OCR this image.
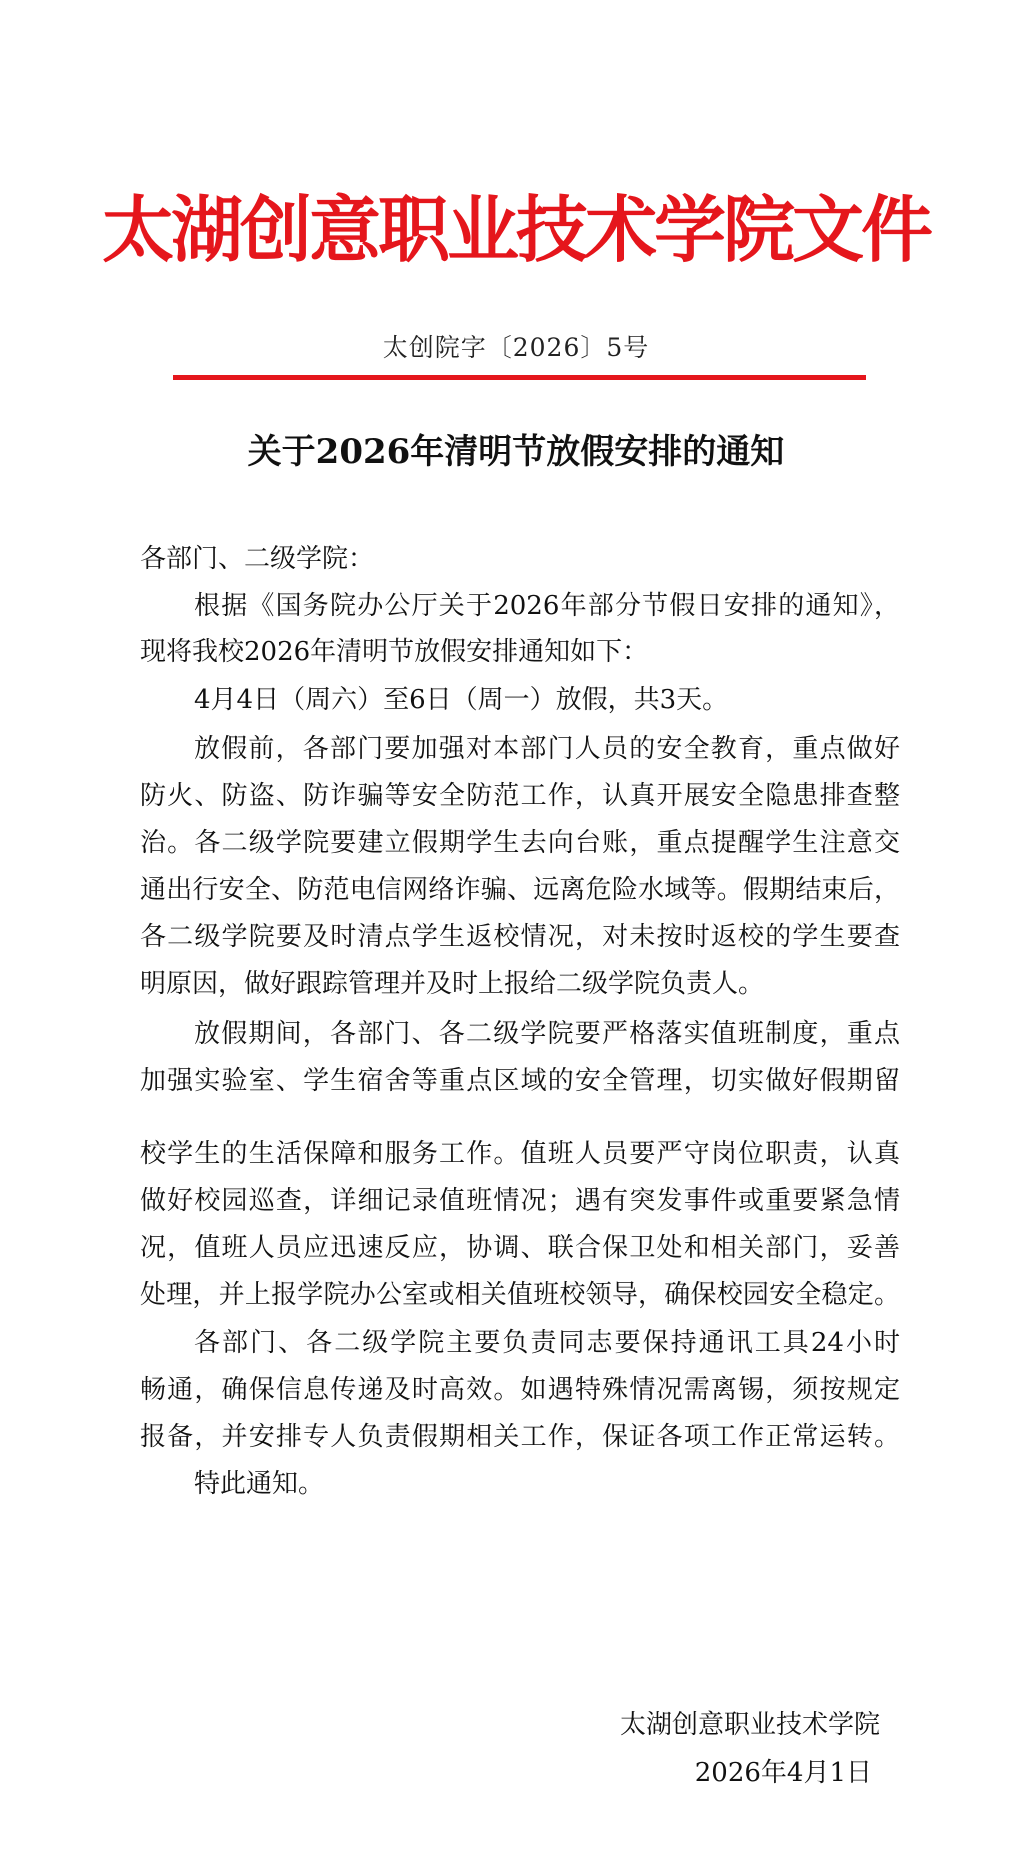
太湖创意职业技术学院文件
太创院字〔2026〕5号
关于2026年清明节放假安排的通知
各部门、二级学院：
根据《国务院办公厅关于2026年部分节假日安排的通知》，
现将我校2026年清明节放假安排通知如下：
4月4日（周六）至6日（周一）放假，共3天。
放假前，各部门要加强对本部门人员的安全教育，重点做好
防火、防盗、防诈骗等安全防范工作，认真开展安全隐患排查整
治。各二级学院要建立假期学生去向台账，重点提醒学生注意交
通出行安全、防范电信网络诈骗、远离危险水域等。假期结束后，
各二级学院要及时清点学生返校情况，对未按时返校的学生要查
明原因，做好跟踪管理并及时上报给二级学院负责人。
放假期间，各部门、各二级学院要严格落实值班制度，重点
加强实验室、学生宿舍等重点区域的安全管理，切实做好假期留
校学生的生活保障和服务工作。值班人员要严守岗位职责，认真
做好校园巡查，详细记录值班情况；遇有突发事件或重要紧急情
况，值班人员应迅速反应，协调、联合保卫处和相关部门，妥善
处理，并上报学院办公室或相关值班校领导，确保校园安全稳定。
各部门、各二级学院主要负责同志要保持通讯工具24小时
畅通，确保信息传递及时高效。如遇特殊情况需离锡，须按规定
报备，并安排专人负责假期相关工作，保证各项工作正常运转。
特此通知。
太湖创意职业技术学院
2026年4月1日
